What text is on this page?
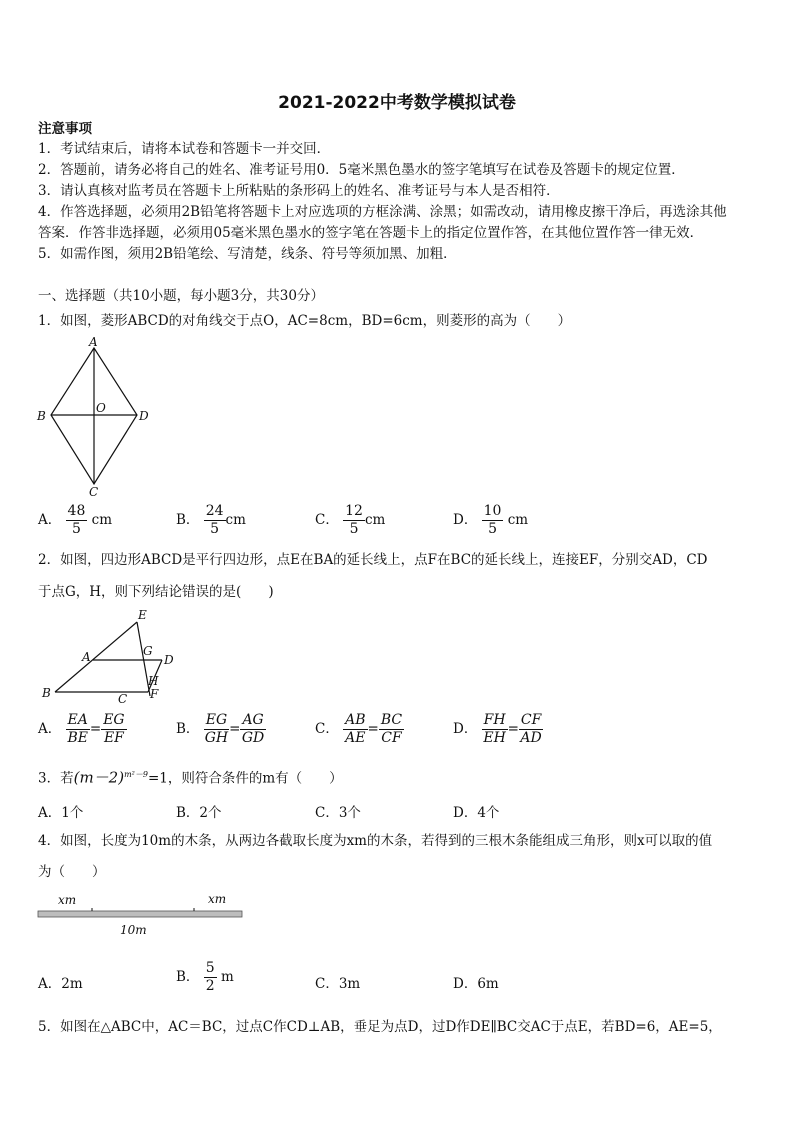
2021-2022中考数学模拟试卷
注意事项
1．考试结束后，请将本试卷和答题卡一并交回．
2．答题前，请务必将自己的姓名、准考证号用0．5毫米黑色墨水的签字笔填写在试卷及答题卡的规定位置．
3．请认真核对监考员在答题卡上所粘贴的条形码上的姓名、准考证号与本人是否相符．
4．作答选择题，必须用2B铅笔将答题卡上对应选项的方框涂满、涂黑；如需改动，请用橡皮擦干净后，再选涂其他
答案．作答非选择题，必须用05毫米黑色墨水的签字笔在答题卡上的指定位置作答，在其他位置作答一律无效．
5．如需作图，须用2B铅笔绘、写清楚，线条、符号等须加黑、加粗．
一、选择题（共10小题，每小题3分，共30分）
1．如图，菱形ABCD的对角线交于点O，AC=8cm，BD=6cm，则菱形的高为（　　）
A
B	D
O
C
A． $\frac{48}{5}$ cm	B． $\frac{24}{5}$ cm	C． $\frac{12}{5}$ cm	D． $\frac{10}{5}$ cm
2．如图，四边形ABCD是平行四边形，点E在BA的延长线上，点F在BC的延长线上，连接EF，分别交AD，CD
于点G，H，则下列结论错误的是(　　)
E
A	G
D
H
B	C F
A． $\frac{EA}{BE} = \frac{EG}{EF}$	B． $\frac{EG}{GH} = \frac{AG}{GD}$	C． $\frac{AB}{AE} = \frac{BC}{CF}$	D． $\frac{FH}{EH} = \frac{CF}{AD}$
3．若$(m-2)^{m^2-9}=1$，则符合条件的m有（　　）
A．1个	B．2个	C．3个	D．4个
4．如图，长度为10m的木条，从两边各截取长度为xm的木条，若得到的三根木条能组成三角形，则x可以取的值
为（　　）
xm	xm
10m
A．2m	B． $\frac{5}{2}$ m	C．3m	D．6m
5．如图在△ABC中，AC＝BC，过点C作CD⊥AB，垂足为点D，过D作DE∥BC交AC于点E，若BD=6，AE=5，
